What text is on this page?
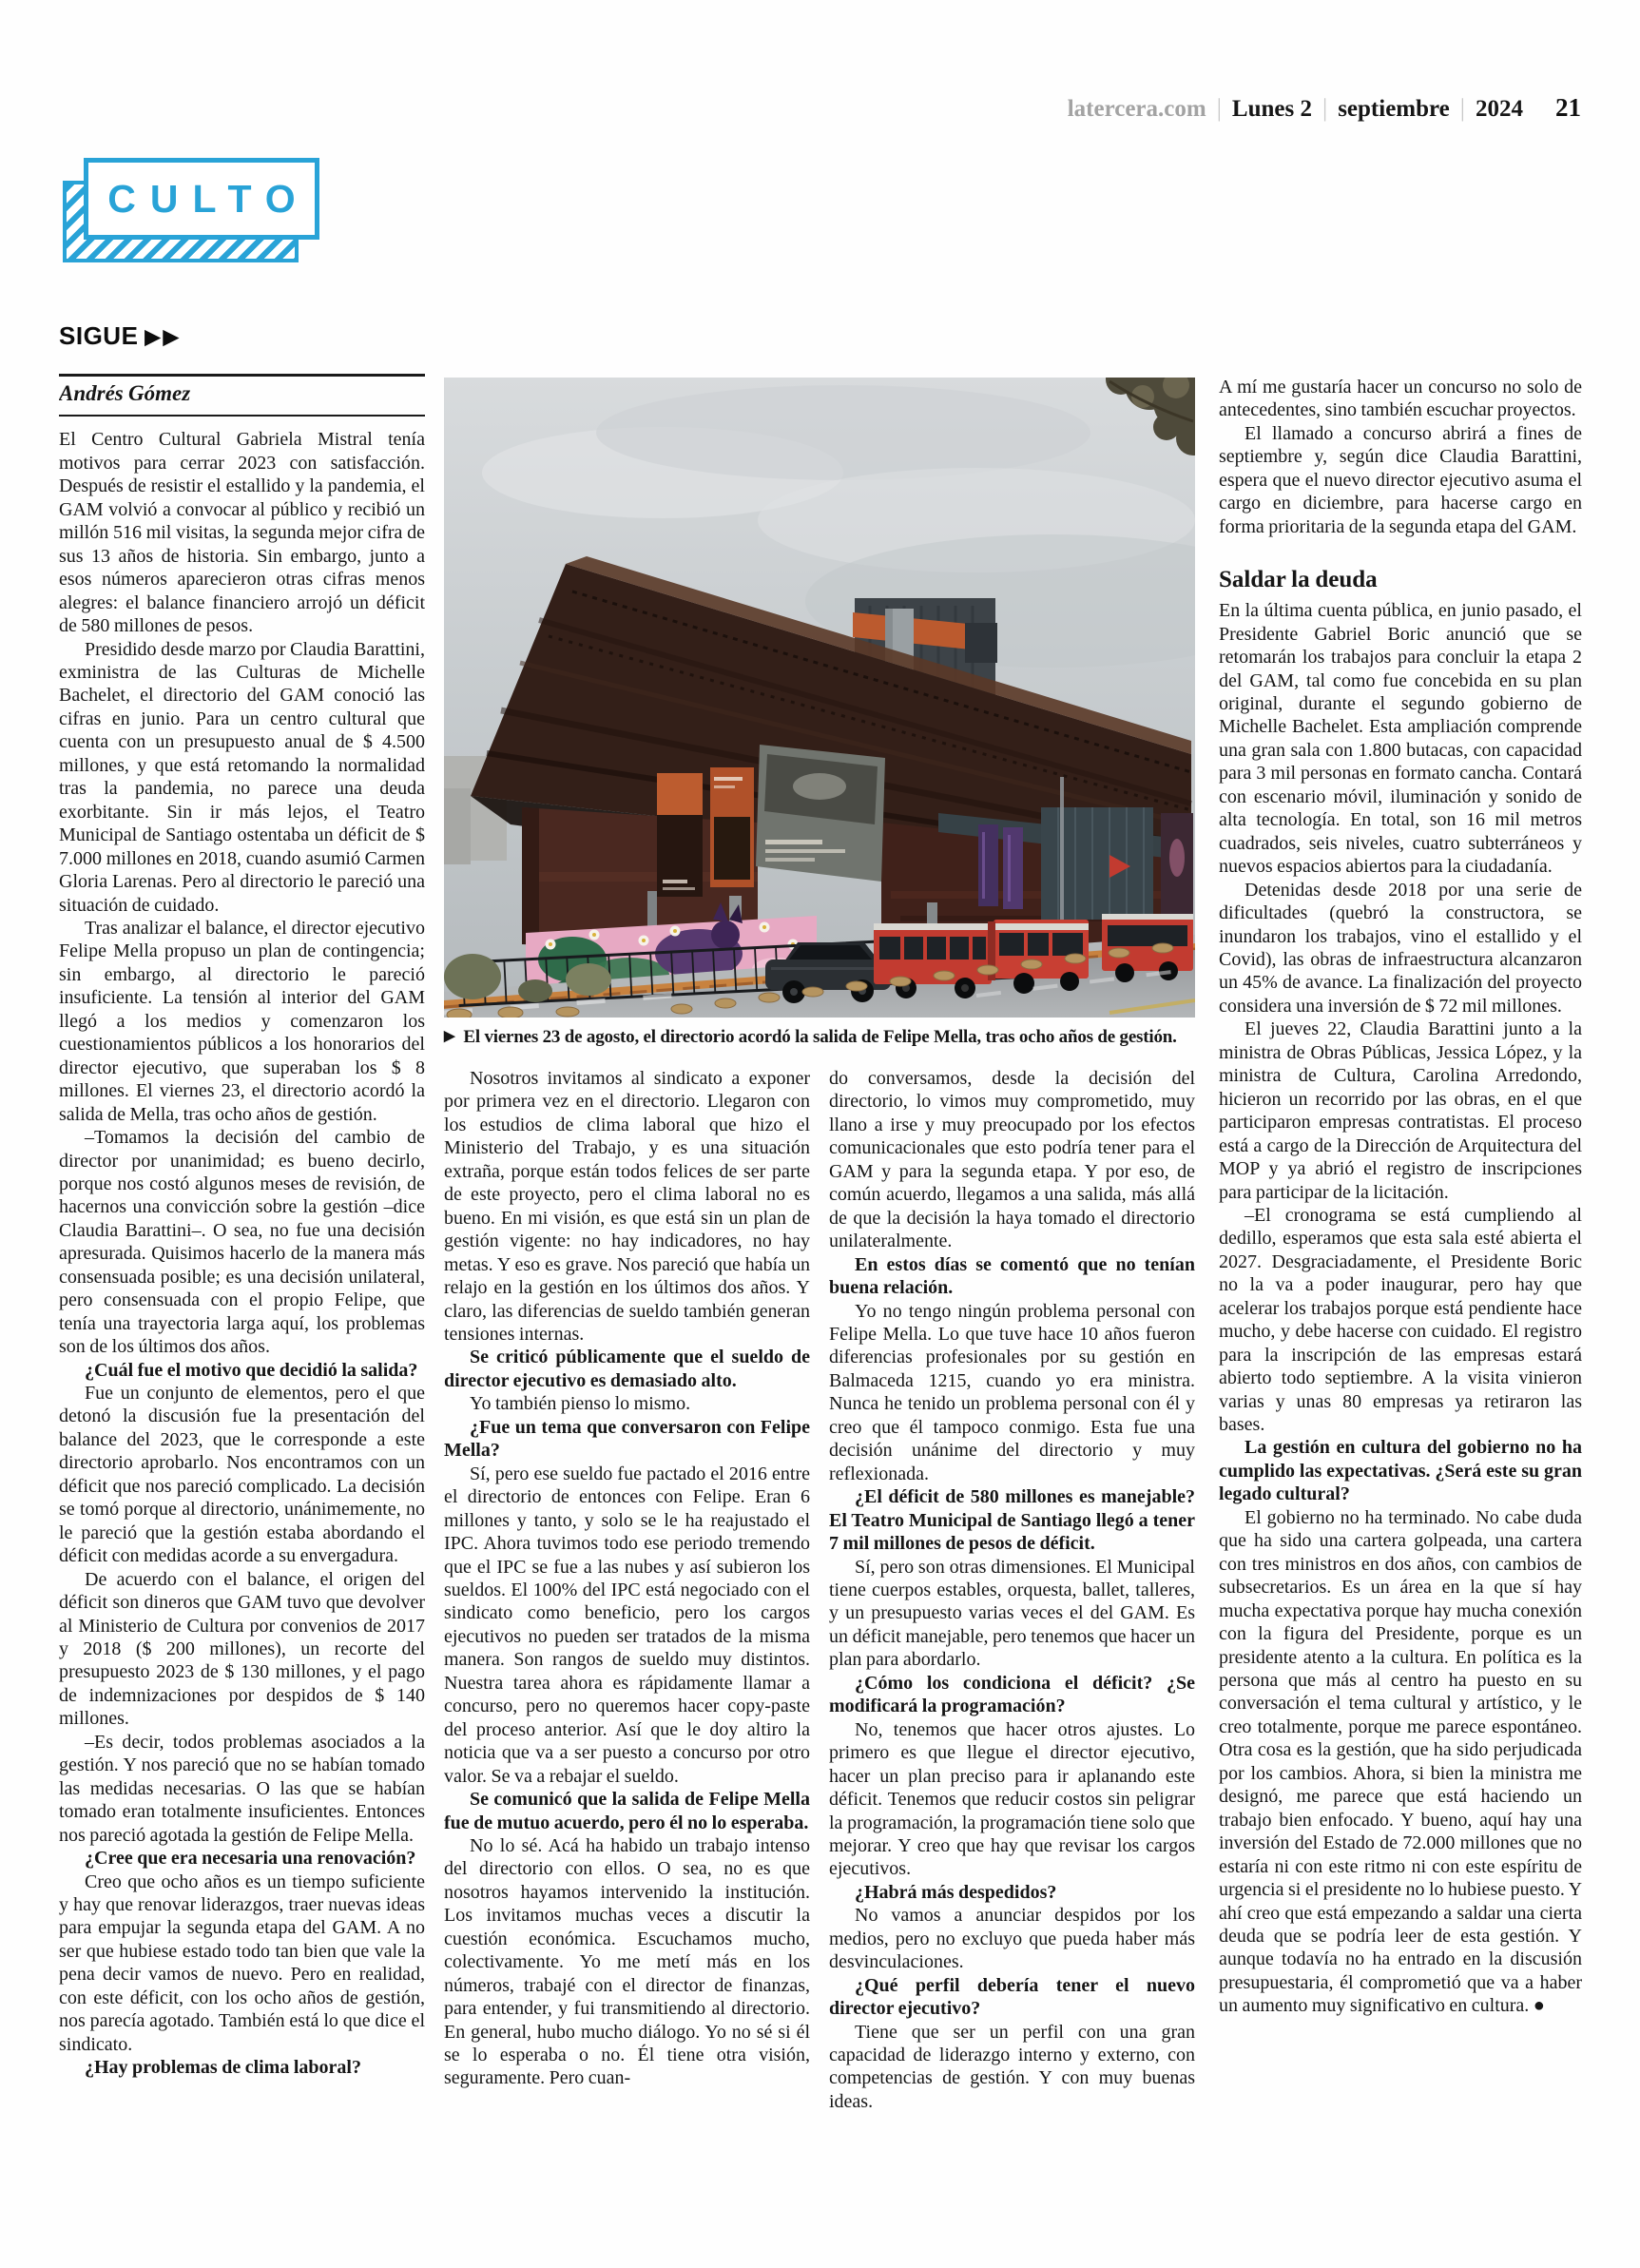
latercera.com | Lunes 2 | septiembre | 2024 21
CULTO
SIGUE ▶▶
Andrés Gómez

El Centro Cultural Gabriela Mistral tenía motivos para cerrar 2023 con satisfacción. Después de resistir el estallido y la pandemia, el GAM volvió a convocar al público y recibió un millón 516 mil visitas, la segunda mejor cifra de sus 13 años de historia. Sin embargo, junto a esos números aparecieron otras cifras menos alegres: el balance financiero arrojó un déficit de 580 millones de pesos.

Presidido desde marzo por Claudia Barattini, exministra de las Culturas de Michelle Bachelet, el directorio del GAM conoció las cifras en junio. Para un centro cultural que cuenta con un presupuesto anual de $ 4.500 millones, y que está retomando la normalidad tras la pandemia, no parece una deuda exorbitante. Sin ir más lejos, el Teatro Municipal de Santiago ostentaba un déficit de $ 7.000 millones en 2018, cuando asumió Carmen Gloria Larenas. Pero al directorio le pareció una situación de cuidado.

Tras analizar el balance, el director ejecutivo Felipe Mella propuso un plan de contingencia; sin embargo, al directorio le pareció insuficiente. La tensión al interior del GAM llegó a los medios y comenzaron los cuestionamientos públicos a los honorarios del director ejecutivo, que superaban los $ 8 millones. El viernes 23, el directorio acordó la salida de Mella, tras ocho años de gestión.

–Tomamos la decisión del cambio de director por unanimidad; es bueno decirlo, porque nos costó algunos meses de revisión, de hacernos una convicción sobre la gestión –dice Claudia Barattini–. O sea, no fue una decisión apresurada. Quisimos hacerlo de la manera más consensuada posible; es una decisión unilateral, pero consensuada con el propio Felipe, que tenía una trayectoria larga aquí, los problemas son de los últimos dos años.

¿Cuál fue el motivo que decidió la salida?

Fue un conjunto de elementos, pero el que detonó la discusión fue la presentación del balance del 2023, que le corresponde a este directorio aprobarlo. Nos encontramos con un déficit que nos pareció complicado. La decisión se tomó porque al directorio, unánimemente, no le pareció que la gestión estaba abordando el déficit con medidas acorde a su envergadura.

De acuerdo con el balance, el origen del déficit son dineros que GAM tuvo que devolver al Ministerio de Cultura por convenios de 2017 y 2018 ($ 200 millones), un recorte del presupuesto 2023 de $ 130 millones, y el pago de indemnizaciones por despidos de $ 140 millones.

–Es decir, todos problemas asociados a la gestión. Y nos pareció que no se habían tomado las medidas necesarias. O las que se habían tomado eran totalmente insuficientes. Entonces nos pareció agotada la gestión de Felipe Mella.

¿Cree que era necesaria una renovación?

Creo que ocho años es un tiempo suficiente y hay que renovar liderazgos, traer nuevas ideas para empujar la segunda etapa del GAM. A no ser que hubiese estado todo tan bien que vale la pena decir vamos de nuevo. Pero en realidad, con este déficit, con los ocho años de gestión, nos parecía agotado. También está lo que dice el sindicato.

¿Hay problemas de clima laboral?

▶ El viernes 23 de agosto, el directorio acordó la salida de Felipe Mella, tras ocho años de gestión.

Nosotros invitamos al sindicato a exponer por primera vez en el directorio. Llegaron con los estudios de clima laboral que hizo el Ministerio del Trabajo, y es una situación extraña, porque están todos felices de ser parte de este proyecto, pero el clima laboral no es bueno. En mi visión, es que está sin un plan de gestión vigente: no hay indicadores, no hay metas. Y eso es grave. Nos pareció que había un relajo en la gestión en los últimos dos años. Y claro, las diferencias de sueldo también generan tensiones internas.

Se criticó públicamente que el sueldo de director ejecutivo es demasiado alto.

Yo también pienso lo mismo.

¿Fue un tema que conversaron con Felipe Mella?

Sí, pero ese sueldo fue pactado el 2016 entre el directorio de entonces con Felipe. Eran 6 millones y tanto, y solo se le ha reajustado el IPC. Ahora tuvimos todo ese periodo tremendo que el IPC se fue a las nubes y así subieron los sueldos. El 100% del IPC está negociado con el sindicato como beneficio, pero los cargos ejecutivos no pueden ser tratados de la misma manera. Son rangos de sueldo muy distintos. Nuestra tarea ahora es rápidamente llamar a concurso, pero no queremos hacer copy-paste del proceso anterior. Así que le doy altiro la noticia que va a ser puesto a concurso por otro valor. Se va a rebajar el sueldo.

Se comunicó que la salida de Felipe Mella fue de mutuo acuerdo, pero él no lo esperaba.

No lo sé. Acá ha habido un trabajo intenso del directorio con ellos. O sea, no es que nosotros hayamos intervenido la institución. Los invitamos muchas veces a discutir la cuestión económica. Escuchamos mucho, colectivamente. Yo me metí más en los números, trabajé con el director de finanzas, para entender, y fui transmitiendo al directorio. En general, hubo mucho diálogo. Yo no sé si él se lo esperaba o no. Él tiene otra visión, seguramente. Pero cuan-

do conversamos, desde la decisión del directorio, lo vimos muy comprometido, muy llano a irse y muy preocupado por los efectos comunicacionales que esto podría tener para el GAM y para la segunda etapa. Y por eso, de común acuerdo, llegamos a una salida, más allá de que la decisión la haya tomado el directorio unilateralmente.

En estos días se comentó que no tenían buena relación.

Yo no tengo ningún problema personal con Felipe Mella. Lo que tuve hace 10 años fueron diferencias profesionales por su gestión en Balmaceda 1215, cuando yo era ministra. Nunca he tenido un problema personal con él y creo que él tampoco conmigo. Esta fue una decisión unánime del directorio y muy reflexionada.

¿El déficit de 580 millones es manejable? El Teatro Municipal de Santiago llegó a tener 7 mil millones de pesos de déficit.

Sí, pero son otras dimensiones. El Municipal tiene cuerpos estables, orquesta, ballet, talleres, y un presupuesto varias veces el del GAM. Es un déficit manejable, pero tenemos que hacer un plan para abordarlo.

¿Cómo los condiciona el déficit? ¿Se modificará la programación?

No, tenemos que hacer otros ajustes. Lo primero es que llegue el director ejecutivo, hacer un plan preciso para ir aplanando este déficit. Tenemos que reducir costos sin peligrar la programación, la programación tiene solo que mejorar. Y creo que hay que revisar los cargos ejecutivos.

¿Habrá más despedidos?

No vamos a anunciar despidos por los medios, pero no excluyo que pueda haber más desvinculaciones.

¿Qué perfil debería tener el nuevo director ejecutivo?

Tiene que ser un perfil con una gran capacidad de liderazgo interno y externo, con competencias de gestión. Y con muy buenas ideas.

A mí me gustaría hacer un concurso no solo de antecedentes, sino también escuchar proyectos.

El llamado a concurso abrirá a fines de septiembre y, según dice Claudia Barattini, espera que el nuevo director ejecutivo asuma el cargo en diciembre, para hacerse cargo en forma prioritaria de la segunda etapa del GAM.

Saldar la deuda

En la última cuenta pública, en junio pasado, el Presidente Gabriel Boric anunció que se retomarán los trabajos para concluir la etapa 2 del GAM, tal como fue concebida en su plan original, durante el segundo gobierno de Michelle Bachelet. Esta ampliación comprende una gran sala con 1.800 butacas, con capacidad para 3 mil personas en formato cancha. Contará con escenario móvil, iluminación y sonido de alta tecnología. En total, son 16 mil metros cuadrados, seis niveles, cuatro subterráneos y nuevos espacios abiertos para la ciudadanía.

Detenidas desde 2018 por una serie de dificultades (quebró la constructora, se inundaron los trabajos, vino el estallido y el Covid), las obras de infraestructura alcanzaron un 45% de avance. La finalización del proyecto considera una inversión de $ 72 mil millones.

El jueves 22, Claudia Barattini junto a la ministra de Obras Públicas, Jessica López, y la ministra de Cultura, Carolina Arredondo, hicieron un recorrido por las obras, en el que participaron empresas contratistas. El proceso está a cargo de la Dirección de Arquitectura del MOP y ya abrió el registro de inscripciones para participar de la licitación.

–El cronograma se está cumpliendo al dedillo, esperamos que esta sala esté abierta el 2027. Desgraciadamente, el Presidente Boric no la va a poder inaugurar, pero hay que acelerar los trabajos porque está pendiente hace mucho, y debe hacerse con cuidado. El registro para la inscripción de las empresas estará abierto todo septiembre. A la visita vinieron varias y unas 80 empresas ya retiraron las bases.

La gestión en cultura del gobierno no ha cumplido las expectativas. ¿Será este su gran legado cultural?

El gobierno no ha terminado. No cabe duda que ha sido una cartera golpeada, una cartera con tres ministros en dos años, con cambios de subsecretarios. Es un área en la que sí hay mucha expectativa porque hay mucha conexión con la figura del Presidente, porque es un presidente atento a la cultura. En política es la persona que más al centro ha puesto en su conversación el tema cultural y artístico, y le creo totalmente, porque me parece espontáneo. Otra cosa es la gestión, que ha sido perjudicada por los cambios. Ahora, si bien la ministra me designó, me parece que está haciendo un trabajo bien enfocado. Y bueno, aquí hay una inversión del Estado de 72.000 millones que no estaría ni con este ritmo ni con este espíritu de urgencia si el presidente no lo hubiese puesto. Y ahí creo que está empezando a saldar una cierta deuda que se podría leer de esta gestión. Y aunque todavía no ha entrado en la discusión presupuestaria, él comprometió que va a haber un aumento muy significativo en cultura. ●
